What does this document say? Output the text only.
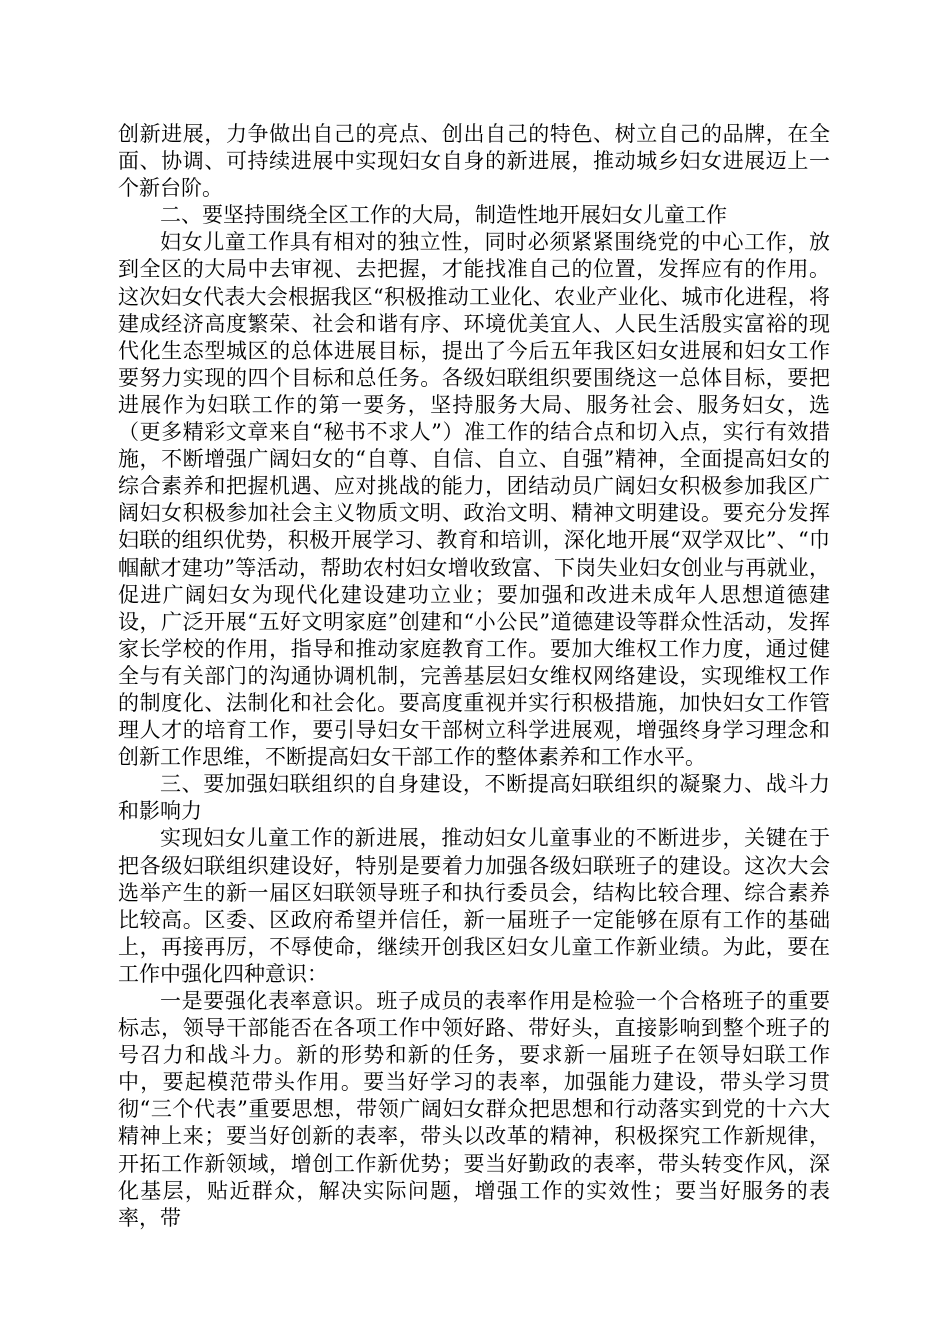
创新进展，力争做出自己的亮点、创出自己的特色、树立自己的品牌，在全面、协调、可持续进展中实现妇女自身的新进展，推动城乡妇女进展迈上一个新台阶。

二、要坚持围绕全区工作的大局，制造性地开展妇女儿童工作

妇女儿童工作具有相对的独立性，同时必须紧紧围绕党的中心工作，放到全区的大局中去审视、去把握，才能找准自己的位置，发挥应有的作用。这次妇女代表大会根据我区“积极推动工业化、农业产业化、城市化进程，将建成经济高度繁荣、社会和谐有序、环境优美宜人、人民生活殷实富裕的现代化生态型城区的总体进展目标，提出了今后五年我区妇女进展和妇女工作要努力实现的四个目标和总任务。各级妇联组织要围绕这一总体目标，要把进展作为妇联工作的第一要务，坚持服务大局、服务社会、服务妇女，选（更多精彩文章来自“秘书不求人”）准工作的结合点和切入点，实行有效措施，不断增强广阔妇女的“自尊、自信、自立、自强”精神，全面提高妇女的综合素养和把握机遇、应对挑战的能力，团结动员广阔妇女积极参加我区广阔妇女积极参加社会主义物质文明、政治文明、精神文明建设。要充分发挥妇联的组织优势，积极开展学习、教育和培训，深化地开展“双学双比”、“巾帼献才建功”等活动，帮助农村妇女增收致富、下岗失业妇女创业与再就业，促进广阔妇女为现代化建设建功立业；要加强和改进未成年人思想道德建设，广泛开展“五好文明家庭”创建和“小公民”道德建设等群众性活动，发挥家长学校的作用，指导和推动家庭教育工作。要加大维权工作力度，通过健全与有关部门的沟通协调机制，完善基层妇女维权网络建设，实现维权工作的制度化、法制化和社会化。要高度重视并实行积极措施，加快妇女工作管理人才的培育工作，要引导妇女干部树立科学进展观，增强终身学习理念和创新工作思维，不断提高妇女干部工作的整体素养和工作水平。

三、要加强妇联组织的自身建设，不断提高妇联组织的凝聚力、战斗力和影响力

实现妇女儿童工作的新进展，推动妇女儿童事业的不断进步，关键在于把各级妇联组织建设好，特别是要着力加强各级妇联班子的建设。这次大会选举产生的新一届区妇联领导班子和执行委员会，结构比较合理、综合素养比较高。区委、区政府希望并信任，新一届班子一定能够在原有工作的基础上，再接再厉，不辱使命，继续开创我区妇女儿童工作新业绩。为此，要在工作中强化四种意识：

一是要强化表率意识。班子成员的表率作用是检验一个合格班子的重要标志，领导干部能否在各项工作中领好路、带好头，直接影响到整个班子的号召力和战斗力。新的形势和新的任务，要求新一届班子在领导妇联工作中，要起模范带头作用。要当好学习的表率，加强能力建设，带头学习贯彻“三个代表”重要思想，带领广阔妇女群众把思想和行动落实到党的十六大精神上来；要当好创新的表率，带头以改革的精神，积极探究工作新规律，开拓工作新领域，增创工作新优势；要当好勤政的表率，带头转变作风，深化基层，贴近群众，解决实际问题，增强工作的实效性；要当好服务的表率，带
